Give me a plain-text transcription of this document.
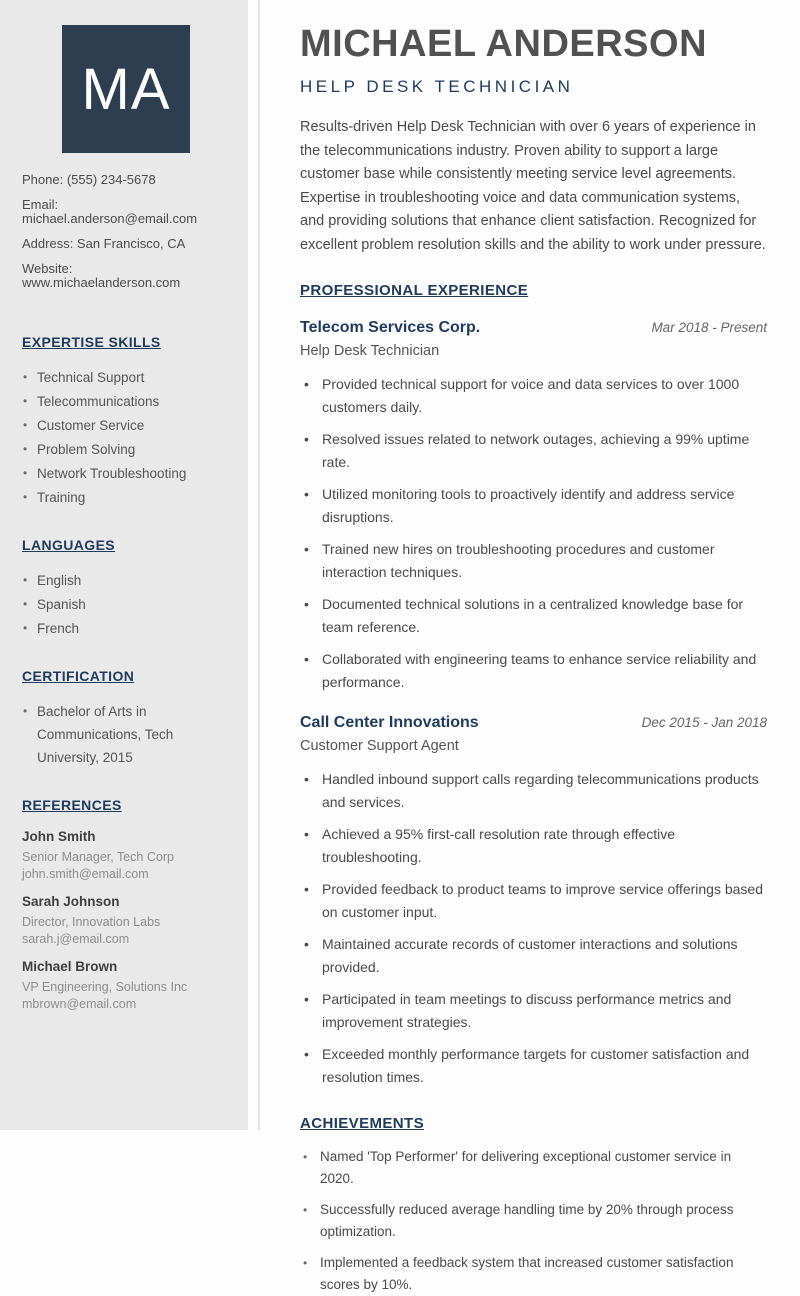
MA

Phone: (555) 234-5678

Email: michael.anderson@email.com

Address: San Francisco, CA

Website: www.michaelanderson.com

EXPERTISE SKILLS
• Technical Support
• Telecommunications
• Customer Service
• Problem Solving
• Network Troubleshooting
• Training
LANGUAGES
• English
• Spanish
• French
CERTIFICATION
• Bachelor of Arts in Communications, Tech University, 2015
REFERENCES

John Smith

Senior Manager, Tech Corp

john.smith@email.com

Sarah Johnson

Director, Innovation Labs

sarah.j@email.com

Michael Brown

VP Engineering, Solutions Inc

mbrown@email.com

MICHAEL ANDERSON
HELP DESK TECHNICIAN

Results-driven Help Desk Technician with over 6 years of experience in the telecommunications industry. Proven ability to support a large customer base while consistently meeting service level agreements. Expertise in troubleshooting voice and data communication systems, and providing solutions that enhance client satisfaction. Recognized for excellent problem resolution skills and the ability to work under pressure.

PROFESSIONAL EXPERIENCE
Telecom Services Corp.	Mar 2018 - Present
Help Desk Technician
• Provided technical support for voice and data services to over 1000 customers daily.
• Resolved issues related to network outages, achieving a 99% uptime rate.
• Utilized monitoring tools to proactively identify and address service disruptions.
• Trained new hires on troubleshooting procedures and customer interaction techniques.
• Documented technical solutions in a centralized knowledge base for team reference.
• Collaborated with engineering teams to enhance service reliability and performance.
Call Center Innovations	Dec 2015 - Jan 2018
Customer Support Agent
• Handled inbound support calls regarding telecommunications products and services.
• Achieved a 95% first-call resolution rate through effective troubleshooting.
• Provided feedback to product teams to improve service offerings based on customer input.
• Maintained accurate records of customer interactions and solutions provided.
• Participated in team meetings to discuss performance metrics and improvement strategies.
• Exceeded monthly performance targets for customer satisfaction and resolution times.
ACHIEVEMENTS
• Named 'Top Performer' for delivering exceptional customer service in 2020.
• Successfully reduced average handling time by 20% through process optimization.
• Implemented a feedback system that increased customer satisfaction scores by 10%.
